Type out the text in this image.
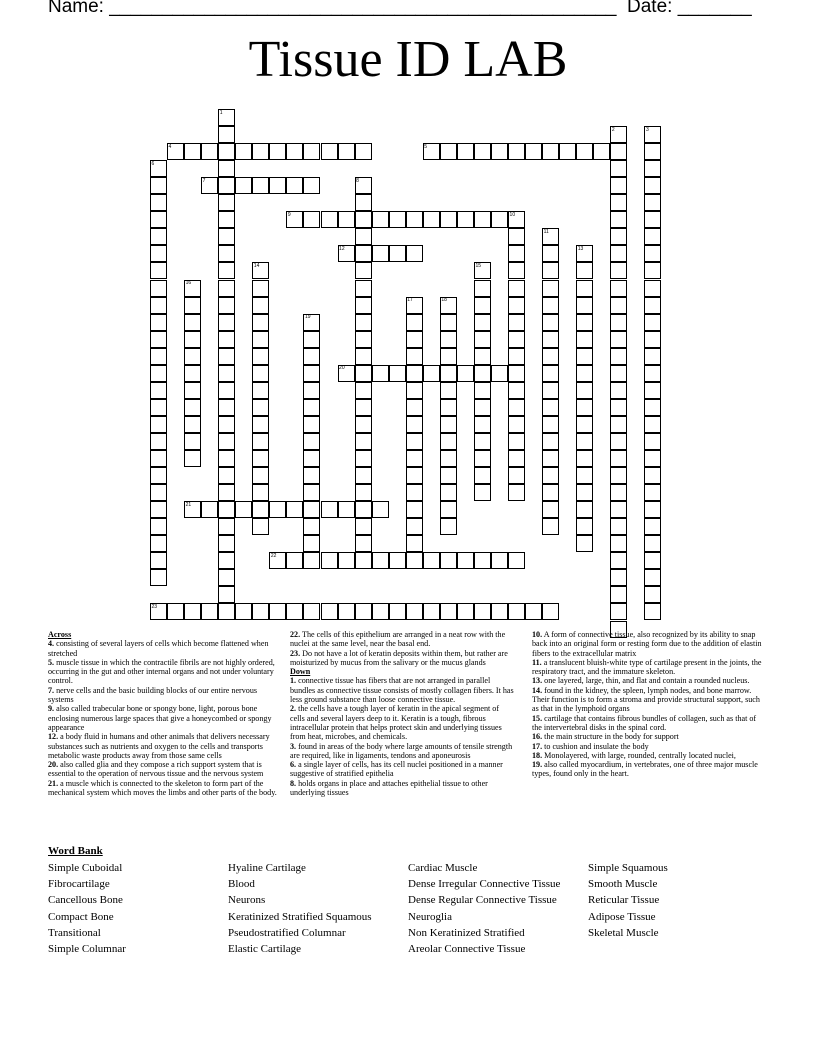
Name: ________________________________________________ Date: _______
Tissue ID LAB
1
2	3
4	5
6
7	8
9	10
11
12	13
14	15
16
17	18
19
20
21
22
23
Across
4. consisting of several layers of cells which become flattened when stretched
5. muscle tissue in which the contractile fibrils are not highly ordered, occurring in the gut and other internal organs and not under voluntary control.
7. nerve cells and the basic building blocks of our entire nervous systems
9. also called trabecular bone or spongy bone, light, porous bone enclosing numerous large spaces that give a honeycombed or spongy appearance
12. a body fluid in humans and other animals that delivers necessary substances such as nutrients and oxygen to the cells and transports metabolic waste products away from those same cells
20. also called glia and they compose a rich support system that is essential to the operation of nervous tissue and the nervous system
21. a muscle which is connected to the skeleton to form part of the mechanical system which moves the limbs and other parts of the body.
22. The cells of this epithelium are arranged in a neat row with the nuclei at the same level, near the basal end.
23. Do not have a lot of keratin deposits within them, but rather are moisturized by mucus from the salivary or the mucus glands
Down
1. connective tissue has fibers that are not arranged in parallel bundles as connective tissue consists of mostly collagen fibers. It has less ground substance than loose connective tissue.
2. the cells have a tough layer of keratin in the apical segment of cells and several layers deep to it. Keratin is a tough, fibrous intracellular protein that helps protect skin and underlying tissues from heat, microbes, and chemicals.
3. found in areas of the body where large amounts of tensile strength are required, like in ligaments, tendons and aponeurosis
6. a single layer of cells, has its cell nuclei positioned in a manner suggestive of stratified epithelia
8. holds organs in place and attaches epithelial tissue to other underlying tissues
10. A form of connective tissue, also recognized by its ability to snap back into an original form or resting form due to the addition of elastin fibers to the extracellular matrix
11. a translucent bluish-white type of cartilage present in the joints, the respiratory tract, and the immature skeleton.
13. one layered, large, thin, and flat and contain a rounded nucleus.
14. found in the kidney, the spleen, lymph nodes, and bone marrow. Their function is to form a stroma and provide structural support, such as that in the lymphoid organs
15. cartilage that contains fibrous bundles of collagen, such as that of the intervertebral disks in the spinal cord.
16. the main structure in the body for support
17. to cushion and insulate the body
18. Monolayered, with large, rounded, centrally located nuclei,
19. also called myocardium, in vertebrates, one of three major muscle types, found only in the heart.
Word Bank
Simple Cuboidal
Fibrocartilage
Cancellous Bone
Compact Bone
Transitional
Simple Columnar
Hyaline Cartilage
Blood
Neurons
Keratinized Stratified Squamous
Pseudostratified Columnar
Elastic Cartilage
Cardiac Muscle
Dense Irregular Connective Tissue
Dense Regular Connective Tissue
Neuroglia
Non Keratinized Stratified
Areolar Connective Tissue
Simple Squamous
Smooth Muscle
Reticular Tissue
Adipose Tissue
Skeletal Muscle
